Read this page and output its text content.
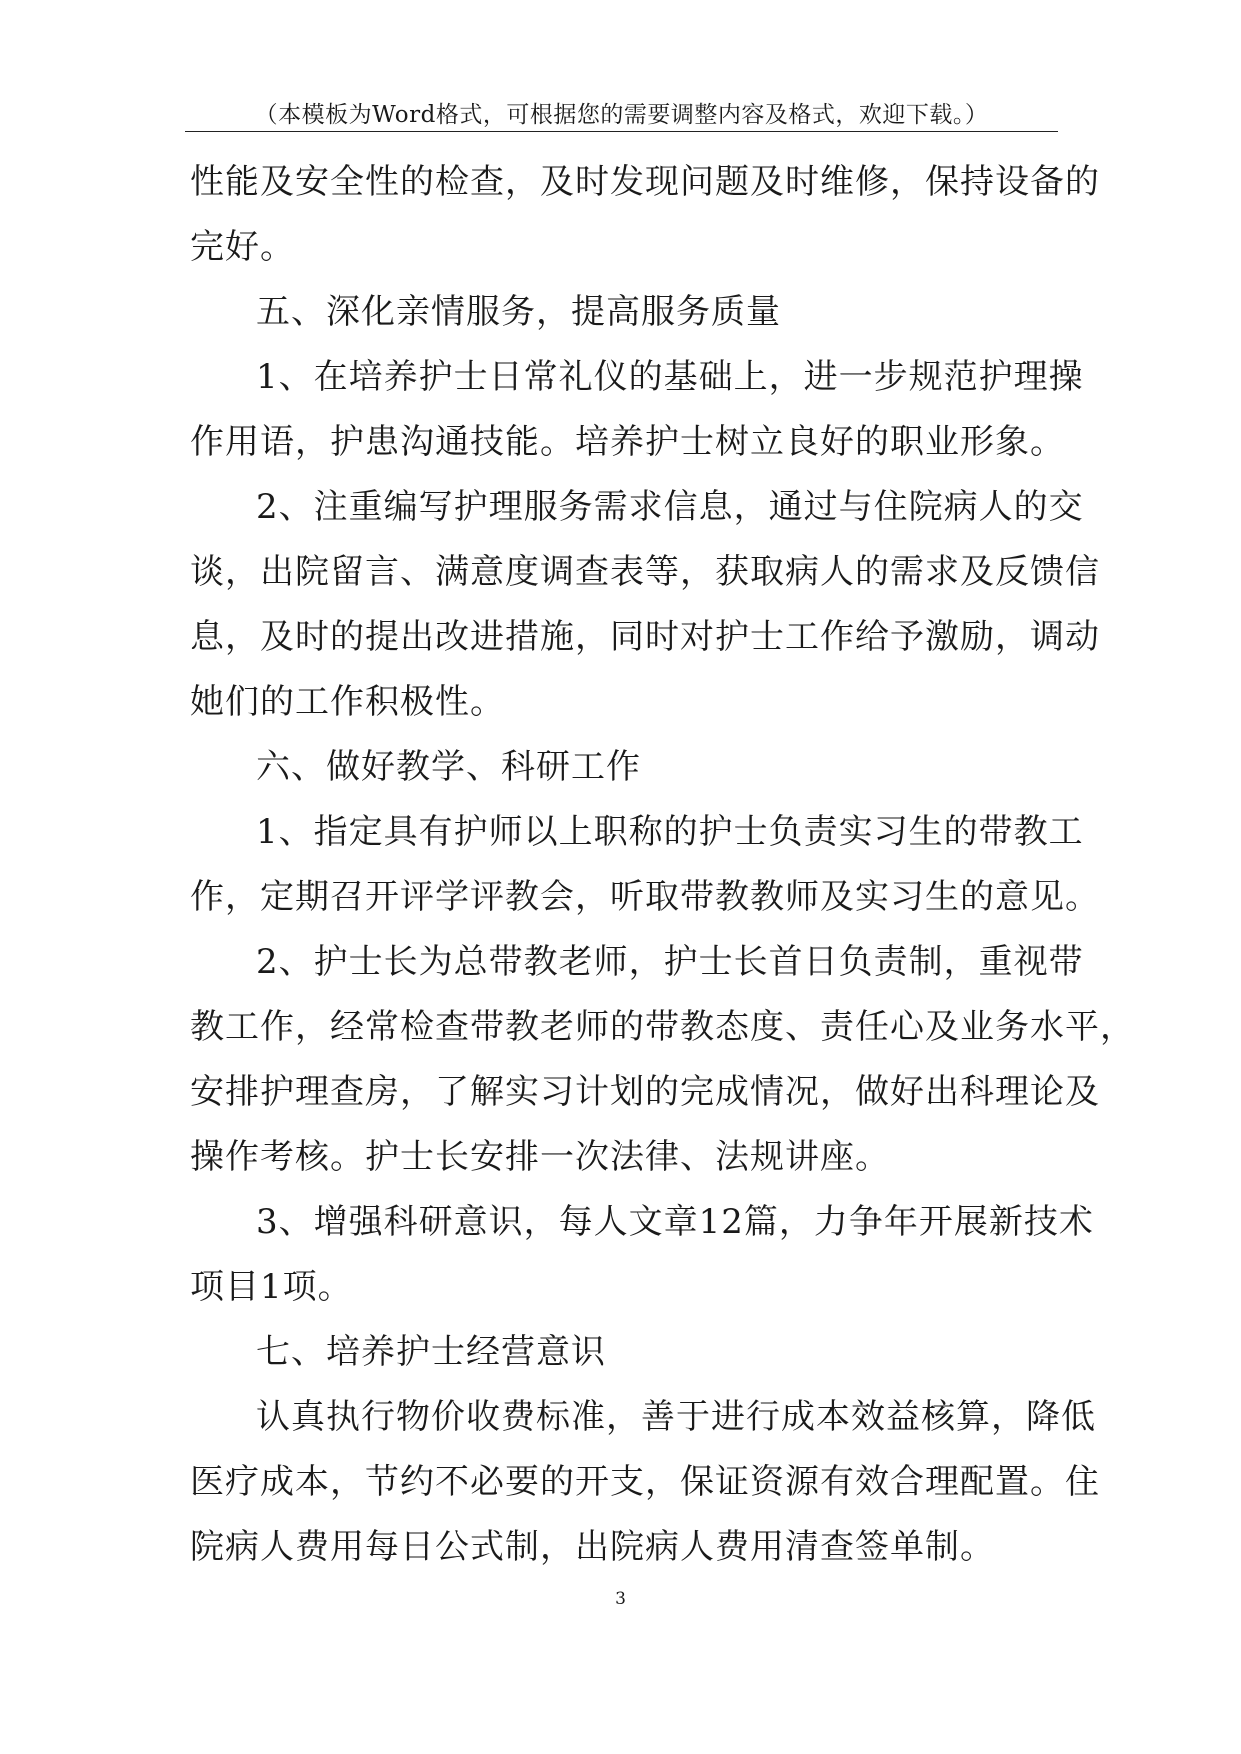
（本模板为Word格式，可根据您的需要调整内容及格式，欢迎下载。）
性能及安全性的检查，及时发现问题及时维修，保持设备的
完好。
五、深化亲情服务，提高服务质量
1、在培养护士日常礼仪的基础上，进一步规范护理操
作用语，护患沟通技能。培养护士树立良好的职业形象。
2、注重编写护理服务需求信息，通过与住院病人的交
谈，出院留言、满意度调查表等，获取病人的需求及反馈信
息，及时的提出改进措施，同时对护士工作给予激励，调动
她们的工作积极性。
六、做好教学、科研工作
1、指定具有护师以上职称的护士负责实习生的带教工
作，定期召开评学评教会，听取带教教师及实习生的意见。
2、护士长为总带教老师，护士长首日负责制，重视带
教工作，经常检查带教老师的带教态度、责任心及业务水平，
安排护理查房，了解实习计划的完成情况，做好出科理论及
操作考核。护士长安排一次法律、法规讲座。
3、增强科研意识，每人文章12篇，力争年开展新技术
项目1项。
七、培养护士经营意识
认真执行物价收费标准，善于进行成本效益核算，降低
医疗成本，节约不必要的开支，保证资源有效合理配置。住
院病人费用每日公式制，出院病人费用清查签单制。
3
